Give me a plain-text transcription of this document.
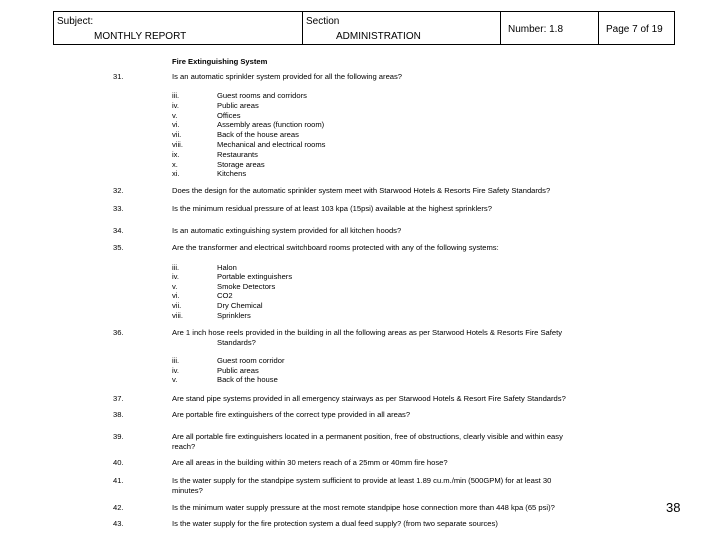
Subject:
MONTHLY REPORT
Section
ADMINISTRATION
Number: 1.8	Page 7 of 19
Fire Extinguishing System
31.	Is an automatic sprinkler system provided for all the following areas?
iii.	Guest rooms and corridors
iv.	Public areas
v.	Offices
vi.	Assembly areas (function room)
vii.	Back of the house areas
viii.	Mechanical and electrical rooms
ix.	Restaurants
x.	Storage areas
xi.	Kitchens
32.	Does the design for the automatic sprinkler system meet with Starwood Hotels & Resorts Fire Safety Standards?
33.	Is the minimum residual pressure of at least 103 kpa (15psi) available at the highest sprinklers?
34.	Is an automatic extinguishing system provided for all kitchen hoods?
35.	Are the transformer and electrical switchboard rooms protected with any of the following systems:
iii.	Halon
iv.	Portable extinguishers
v.	Smoke Detectors
vi.	CO2
vii.	Dry Chemical
viii.	Sprinklers
36.	Are 1 inch hose reels provided in the building in all the following areas as per Starwood Hotels & Resorts Fire Safety
Standards?
iii.	Guest room corridor
iv.	Public areas
v.	Back of the house
37.	Are stand pipe systems provided in all emergency stairways as per Starwood Hotels & Resort Fire Safety Standards?
38.	Are portable fire extinguishers of the correct type provided in all areas?
39.	Are all portable fire extinguishers located in a permanent position, free of obstructions, clearly visible and within easy
reach?
40.	Are all areas in the building within 30 meters reach of a 25mm or 40mm fire hose?
41.	Is the water supply for the standpipe system sufficient to provide at least 1.89 cu.m./min (500GPM) for at least 30
minutes?
42.	Is the minimum water supply pressure at the most remote standpipe hose connection more than 448 kpa (65 psi)?
43.	Is the water supply for the fire protection system a dual feed supply? (from two separate sources)
38
